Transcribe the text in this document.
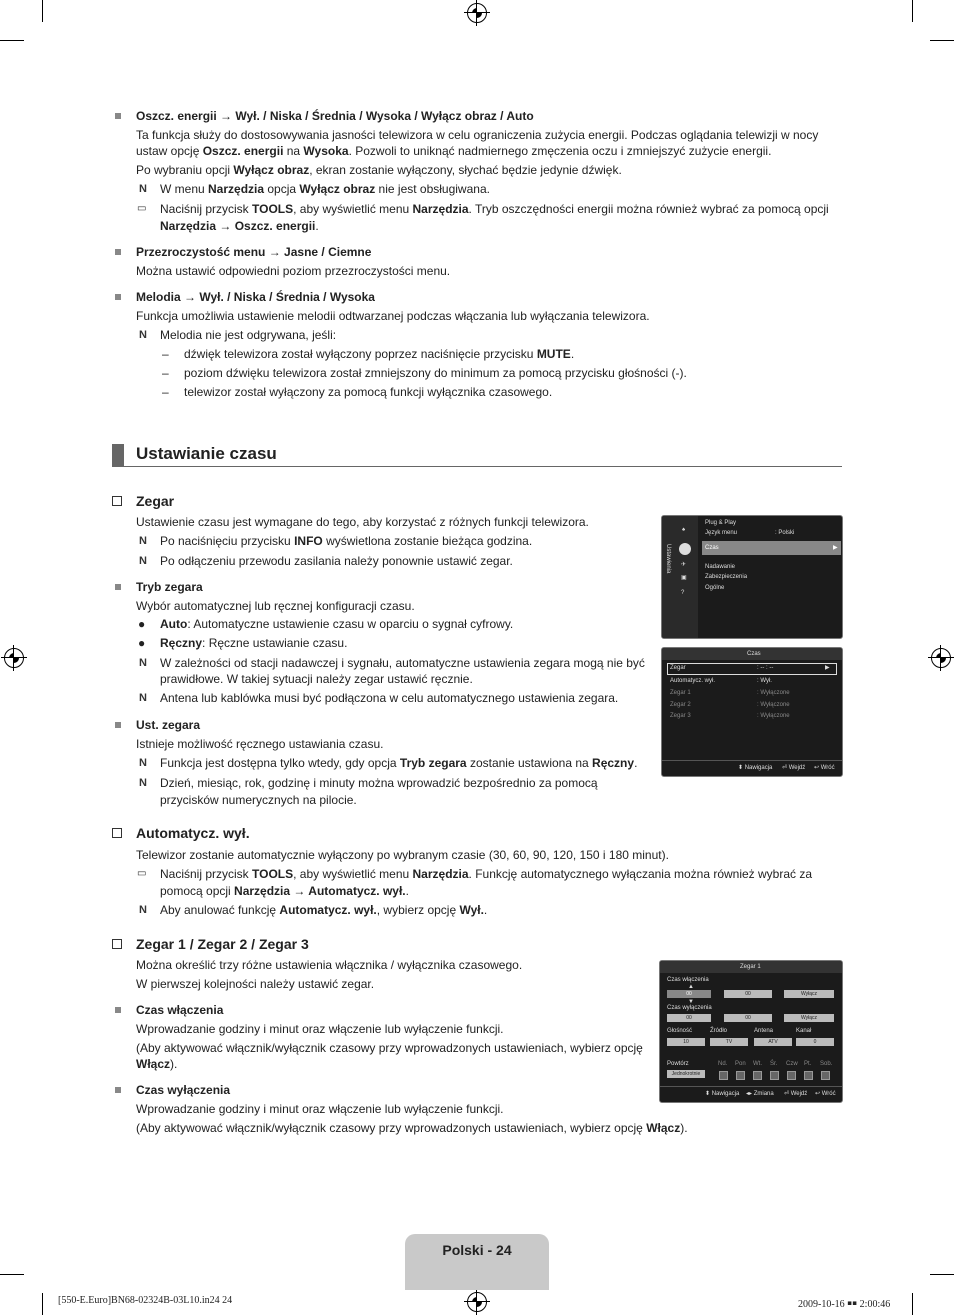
Oszcz. energii → Wył. / Niska / Średnia / Wysoka / Wyłącz obraz / Auto
Ta funkcja służy do dostosowywania jasności telewizora w celu ograniczenia zużycia energii. Podczas oglądania telewizji w nocy
ustaw opcję Oszcz. energii na Wysoka. Pozwoli to uniknąć nadmiernego zmęczenia oczu i zmniejszyć zużycie energii.
Po wybraniu opcji Wyłącz obraz, ekran zostanie wyłączony, słychać będzie jedynie dźwięk.
N W menu Narzędzia opcja Wyłącz obraz nie jest obsługiwana.
▭	Naciśnij przycisk TOOLS, aby wyświetlić menu Narzędzia. Tryb oszczędności energii można również wybrać za pomocą opcji
Narzędzia → Oszcz. energii.
Przezroczystość menu → Jasne / Ciemne
Można ustawić odpowiedni poziom przezroczystości menu.
Melodia → Wył. / Niska / Średnia / Wysoka
Funkcja umożliwia ustawienie melodii odtwarzanej podczas włączania lub wyłączania telewizora.
N Melodia nie jest odgrywana, jeśli:
– dźwięk telewizora został wyłączony poprzez naciśnięcie przycisku MUTE.
– poziom dźwięku telewizora został zmniejszony do minimum za pomocą przycisku głośności (-).
– telewizor został wyłączony za pomocą funkcji wyłącznika czasowego.
Ustawianie czasu
Zegar
Ustawienie czasu jest wymagane do tego, aby korzystać z różnych funkcji telewizora.
N Po naciśnięciu przycisku INFO wyświetlona zostanie bieżąca godzina.
N Po odłączeniu przewodu zasilania należy ponownie ustawić zegar.
Tryb zegara
Wybór automatycznej lub ręcznej konfiguracji czasu.
● Auto: Automatyczne ustawienie czasu w oparciu o sygnał cyfrowy.
● Ręczny: Ręczne ustawianie czasu.
N W zależności od stacji nadawczej i sygnału, automatyczne ustawienia zegara mogą nie być
prawidłowe. W takiej sytuacji należy zegar ustawić ręcznie.
N Antena lub kablówka musi być podłączona w celu automatycznego ustawienia zegara.
Ust. zegara
Istnieje możliwość ręcznego ustawiania czasu.
N Funkcja jest dostępna tylko wtedy, gdy opcja Tryb zegara zostanie ustawiona na Ręczny.
N Dzień, miesiąc, rok, godzinę i minuty można wprowadzić bezpośrednio za pomocą
przycisków numerycznych na pilocie.
Automatycz. wył.
Telewizor zostanie automatycznie wyłączony po wybranym czasie (30, 60, 90, 120, 150 i 180 minut).
▭	Naciśnij przycisk TOOLS, aby wyświetlić menu Narzędzia. Funkcję automatycznego wyłączania można również wybrać za
pomocą opcji Narzędzia → Automatycz. wył..
N Aby anulować funkcję Automatycz. wył., wybierz opcję Wył..
Zegar 1 / Zegar 2 / Zegar 3
Można określić trzy różne ustawienia włącznika / wyłącznika czasowego.
W pierwszej kolejności należy ustawić zegar.
Czas włączenia
Wprowadzanie godziny i minut oraz włączenie lub wyłączenie funkcji.
(Aby aktywować włącznik/wyłącznik czasowy przy wprowadzonych ustawieniach, wybierz opcję
Włącz).
Czas wyłączenia
Wprowadzanie godziny i minut oraz włączenie lub wyłączenie funkcji.
(Aby aktywować włącznik/wyłącznik czasowy przy wprowadzonych ustawieniach, wybierz opcję Włącz).
Ustawienia
♠
✈
▣
?
Plug & Play
Język menu	: Polski
Czas	▶
Nadawanie
Zabezpieczenia
Ogólne
Czas
Zegar	: -- : --	▶
Automatycz. wył.	: Wył.
Zegar 1	: Wyłączone
Zegar 2	: Wyłączone
Zegar 3	: Wyłączone
⬍ Nawigacja ⏎ Wejdź ↩ Wróć
Zegar 1
Czas włączenia
▲
00	00	Wyłącz
▼
Czas wyłączenia
00	00	Wyłącz
Głośność	Źródło	Antena	Kanał
10	TV	ATV	0
Powtórz
Jednokrotnie
Nd. Pon Wt. Śr. Czw Pt. Sob.
⬍ Nawigacja ◂▸ Zmiana ⏎ Wejdź ↩ Wróć
Polski - 24
[550-E.Euro]BN68-02324B-03L10.in24 24	2009-10-16 ￭￭ 2:00:46
